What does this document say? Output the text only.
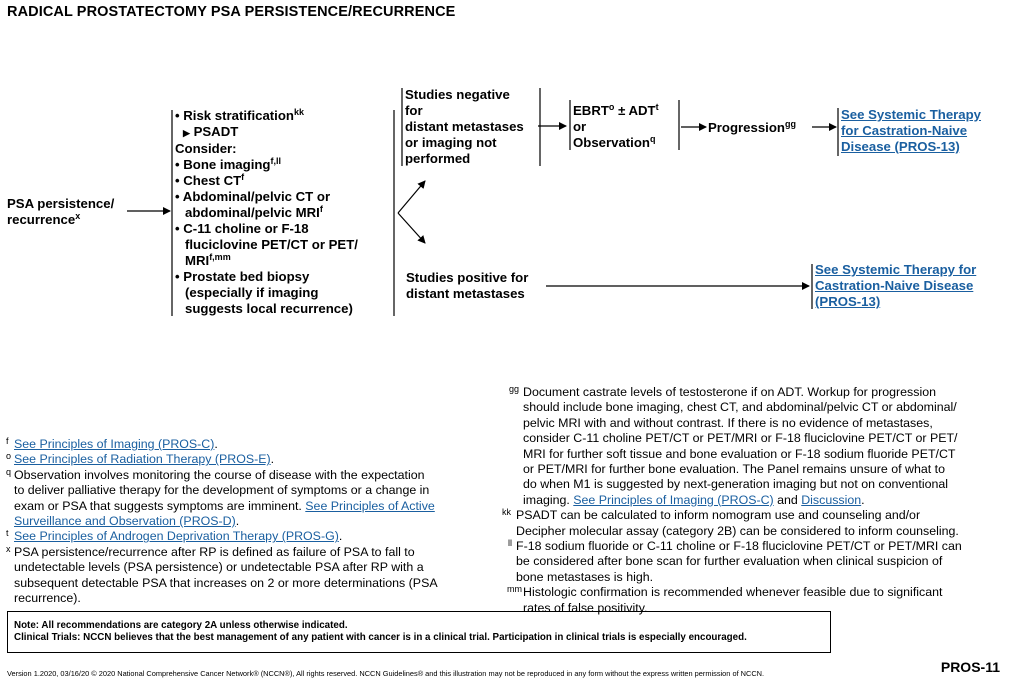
RADICAL PROSTATECTOMY PSA PERSISTENCE/RECURRENCE
PSA persistence/
recurrence$^x$
• Risk stratification$^{kk}$
▶ PSADT
Consider:
• Bone imaging$^{f,ll}$
• Chest $CT^f$
• Abdominal/pelvic CT or
abdominal/pelvic MRI$^f$
• C-11 choline or F-18
fluciclovine PET/CT or PET/
$MRI^{f,mm}$
• Prostate bed biopsy
(especially if imaging
suggests local recurrence)
Studies negative
for
distant metastases
or imaging not
performed
Studies positive for
distant metastases
$EBRT^o \pm ADT^t$
or
Observation$^q$
Progression$^{gg}$
See Systemic Therapy
for Castration-Naive
Disease (PROS-13)
See Systemic Therapy for
Castration-Naive Disease
(PROS-13)
f See Principles of Imaging (PROS-C).
o See Principles of Radiation Therapy (PROS-E).
q Observation involves monitoring the course of disease with the expectation
to deliver palliative therapy for the development of symptoms or a change in
exam or PSA that suggests symptoms are imminent. See Principles of Active
Surveillance and Observation (PROS-D).
t See Principles of Androgen Deprivation Therapy (PROS-G).
x PSA persistence/recurrence after RP is defined as failure of PSA to fall to
undetectable levels (PSA persistence) or undetectable PSA after RP with a
subsequent detectable PSA that increases on 2 or more determinations (PSA
recurrence).
gg Document castrate levels of testosterone if on ADT. Workup for progression
should include bone imaging, chest CT, and abdominal/pelvic CT or abdominal/
pelvic MRI with and without contrast. If there is no evidence of metastases,
consider C-11 choline PET/CT or PET/MRI or F-18 fluciclovine PET/CT or PET/
MRI for further soft tissue and bone evaluation or F-18 sodium fluoride PET/CT
or PET/MRI for further bone evaluation. The Panel remains unsure of what to
do when M1 is suggested by next-generation imaging but not on conventional
imaging. See Principles of Imaging (PROS-C) and Discussion.
kk PSADT can be calculated to inform nomogram use and counseling and/or
Decipher molecular assay (category 2B) can be considered to inform counseling.
ll F-18 sodium fluoride or C-11 choline or F-18 fluciclovine PET/CT or PET/MRI can
be considered after bone scan for further evaluation when clinical suspicion of
bone metastases is high.
mm Histologic confirmation is recommended whenever feasible due to significant
rates of false positivity.
Note: All recommendations are category 2A unless otherwise indicated.
Clinical Trials: NCCN believes that the best management of any patient with cancer is in a clinical trial. Participation in clinical trials is especially encouraged.
Version 1.2020, 03/16/20 © 2020 National Comprehensive Cancer Network® (NCCN®), All rights reserved. NCCN Guidelines® and this illustration may not be reproduced in any form without the express written permission of NCCN.	PROS-11
